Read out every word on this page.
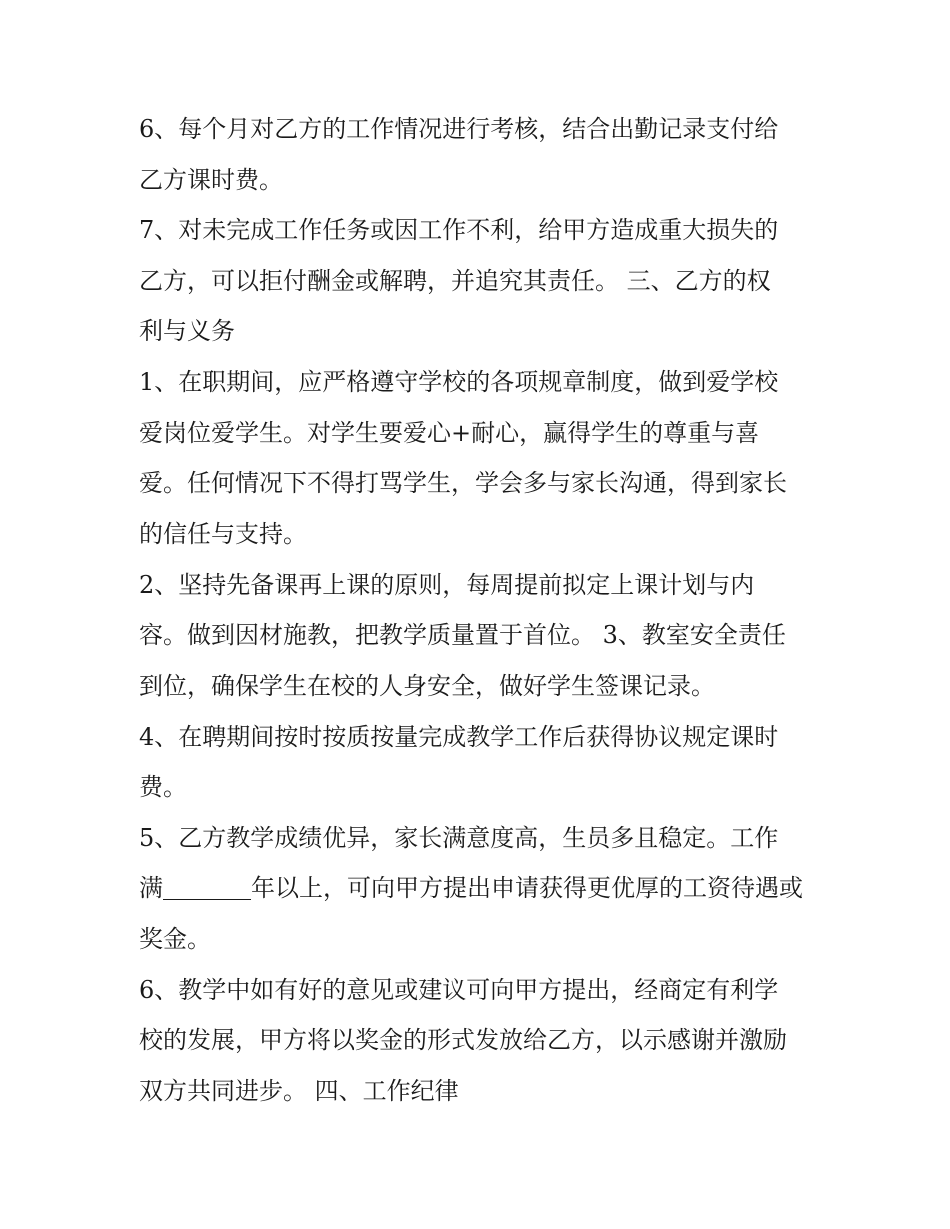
6、每个月对乙方的工作情况进行考核，结合出勤记录支付给
乙方课时费。
7、对未完成工作任务或因工作不利，给甲方造成重大损失的
乙方，可以拒付酬金或解聘，并追究其责任。 三、乙方的权
利与义务
1、在职期间，应严格遵守学校的各项规章制度，做到爱学校
爱岗位爱学生。对学生要爱心+耐心，赢得学生的尊重与喜
爱。任何情况下不得打骂学生，学会多与家长沟通，得到家长
的信任与支持。
2、坚持先备课再上课的原则，每周提前拟定上课计划与内
容。做到因材施教，把教学质量置于首位。 3、教室安全责任
到位，确保学生在校的人身安全，做好学生签课记录。
4、在聘期间按时按质按量完成教学工作后获得协议规定课时
费。
5、乙方教学成绩优异，家长满意度高，生员多且稳定。工作
满	年以上，可向甲方提出申请获得更优厚的工资待遇或
奖金。
6、教学中如有好的意见或建议可向甲方提出，经商定有利学
校的发展，甲方将以奖金的形式发放给乙方，以示感谢并激励
双方共同进步。 四、工作纪律
